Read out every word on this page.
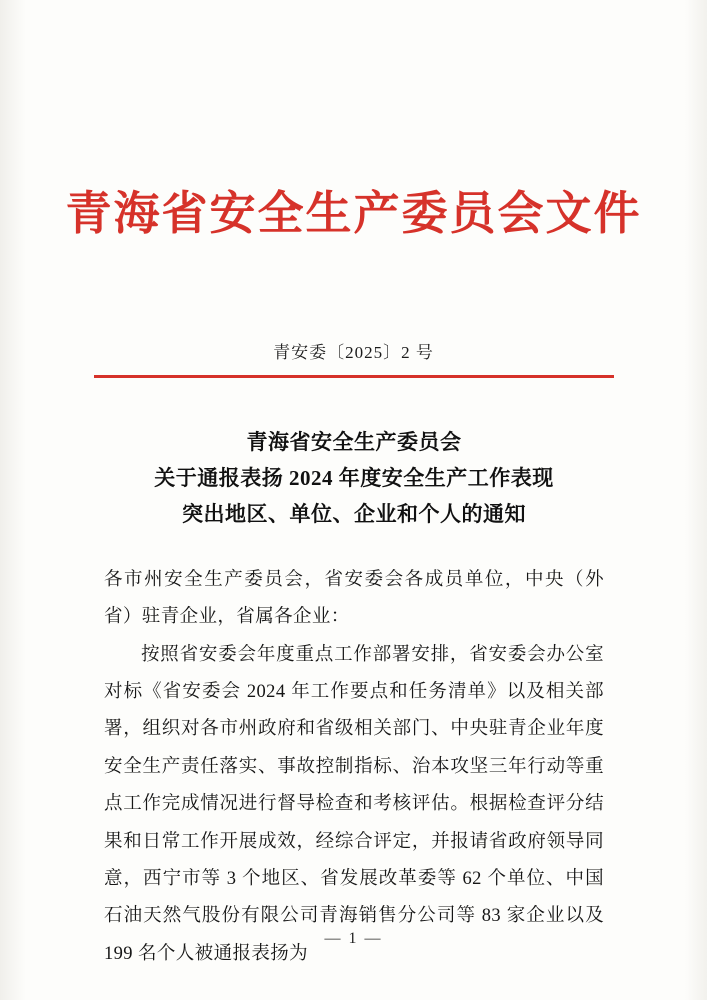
青海省安全生产委员会文件
青安委〔2025〕2 号
青海省安全生产委员会
关于通报表扬 2024 年度安全生产工作表现
突出地区、单位、企业和个人的通知

各市州安全生产委员会，省安委会各成员单位，中央（外省）驻青企业，省属各企业：

按照省安委会年度重点工作部署安排，省安委会办公室对标《省安委会 2024 年工作要点和任务清单》以及相关部署，组织对各市州政府和省级相关部门、中央驻青企业年度安全生产责任落实、事故控制指标、治本攻坚三年行动等重点工作完成情况进行督导检查和考核评估。根据检查评分结果和日常工作开展成效，经综合评定，并报请省政府领导同意，西宁市等 3 个地区、省发展改革委等 62 个单位、中国石油天然气股份有限公司青海销售分公司等 83 家企业以及 199 名个人被通报表扬为

— 1 —
